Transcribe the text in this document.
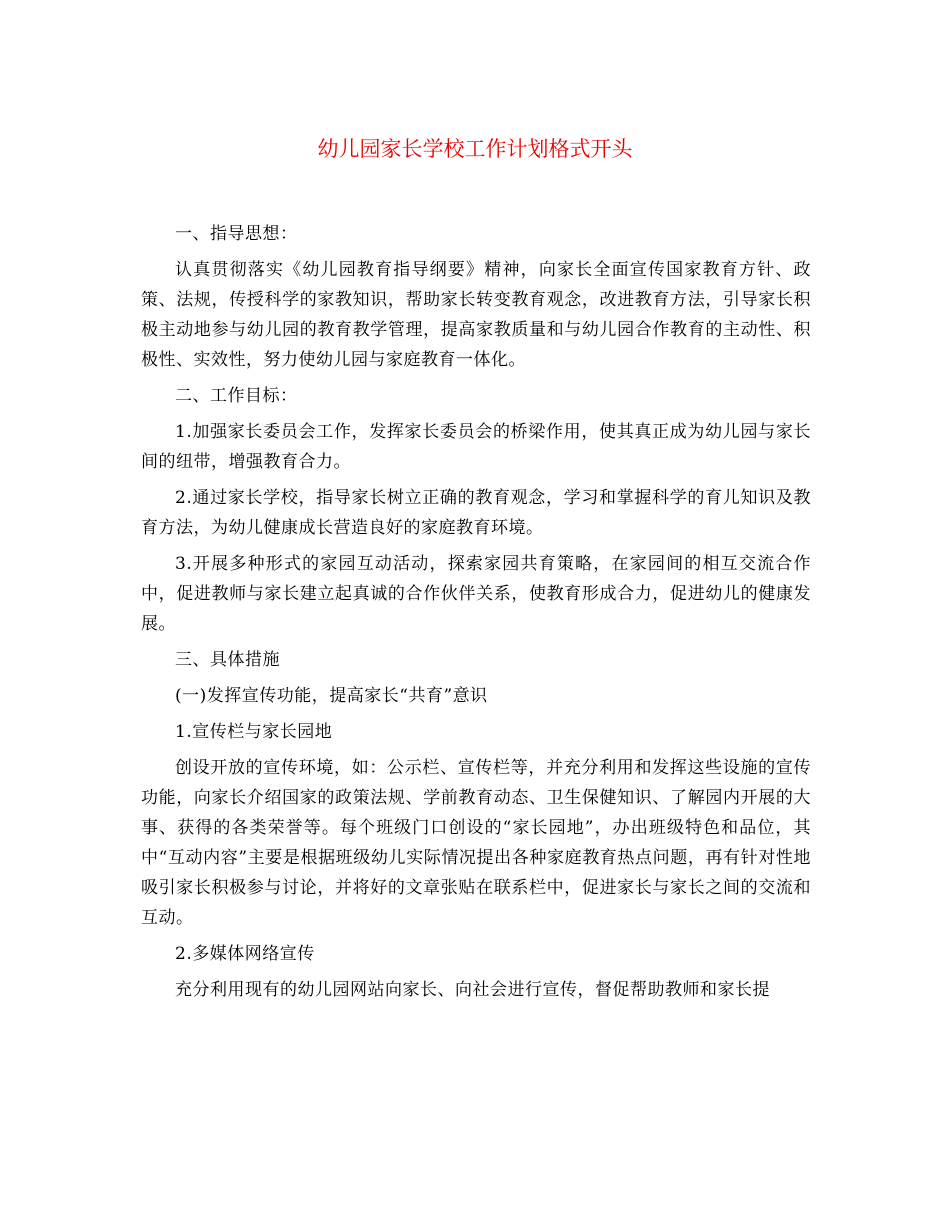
幼儿园家长学校工作计划格式开头

一、指导思想：

认真贯彻落实《幼儿园教育指导纲要》精神，向家长全面宣传国家教育方针、政策、法规，传授科学的家教知识，帮助家长转变教育观念，改进教育方法，引导家长积极主动地参与幼儿园的教育教学管理，提高家教质量和与幼儿园合作教育的主动性、积极性、实效性，努力使幼儿园与家庭教育一体化。

二、工作目标：

1.加强家长委员会工作，发挥家长委员会的桥梁作用，使其真正成为幼儿园与家长间的纽带，增强教育合力。

2.通过家长学校，指导家长树立正确的教育观念，学习和掌握科学的育儿知识及教育方法，为幼儿健康成长营造良好的家庭教育环境。

3.开展多种形式的家园互动活动，探索家园共育策略，在家园间的相互交流合作中，促进教师与家长建立起真诚的合作伙伴关系，使教育形成合力，促进幼儿的健康发展。

三、具体措施

(一)发挥宣传功能，提高家长“共育”意识

1.宣传栏与家长园地

创设开放的宣传环境，如：公示栏、宣传栏等，并充分利用和发挥这些设施的宣传功能，向家长介绍国家的政策法规、学前教育动态、卫生保健知识、了解园内开展的大事、获得的各类荣誉等。每个班级门口创设的“家长园地”，办出班级特色和品位，其中“互动内容”主要是根据班级幼儿实际情况提出各种家庭教育热点问题，再有针对性地吸引家长积极参与讨论，并将好的文章张贴在联系栏中，促进家长与家长之间的交流和互动。

2.多媒体网络宣传

充分利用现有的幼儿园网站向家长、向社会进行宣传，督促帮助教师和家长提
